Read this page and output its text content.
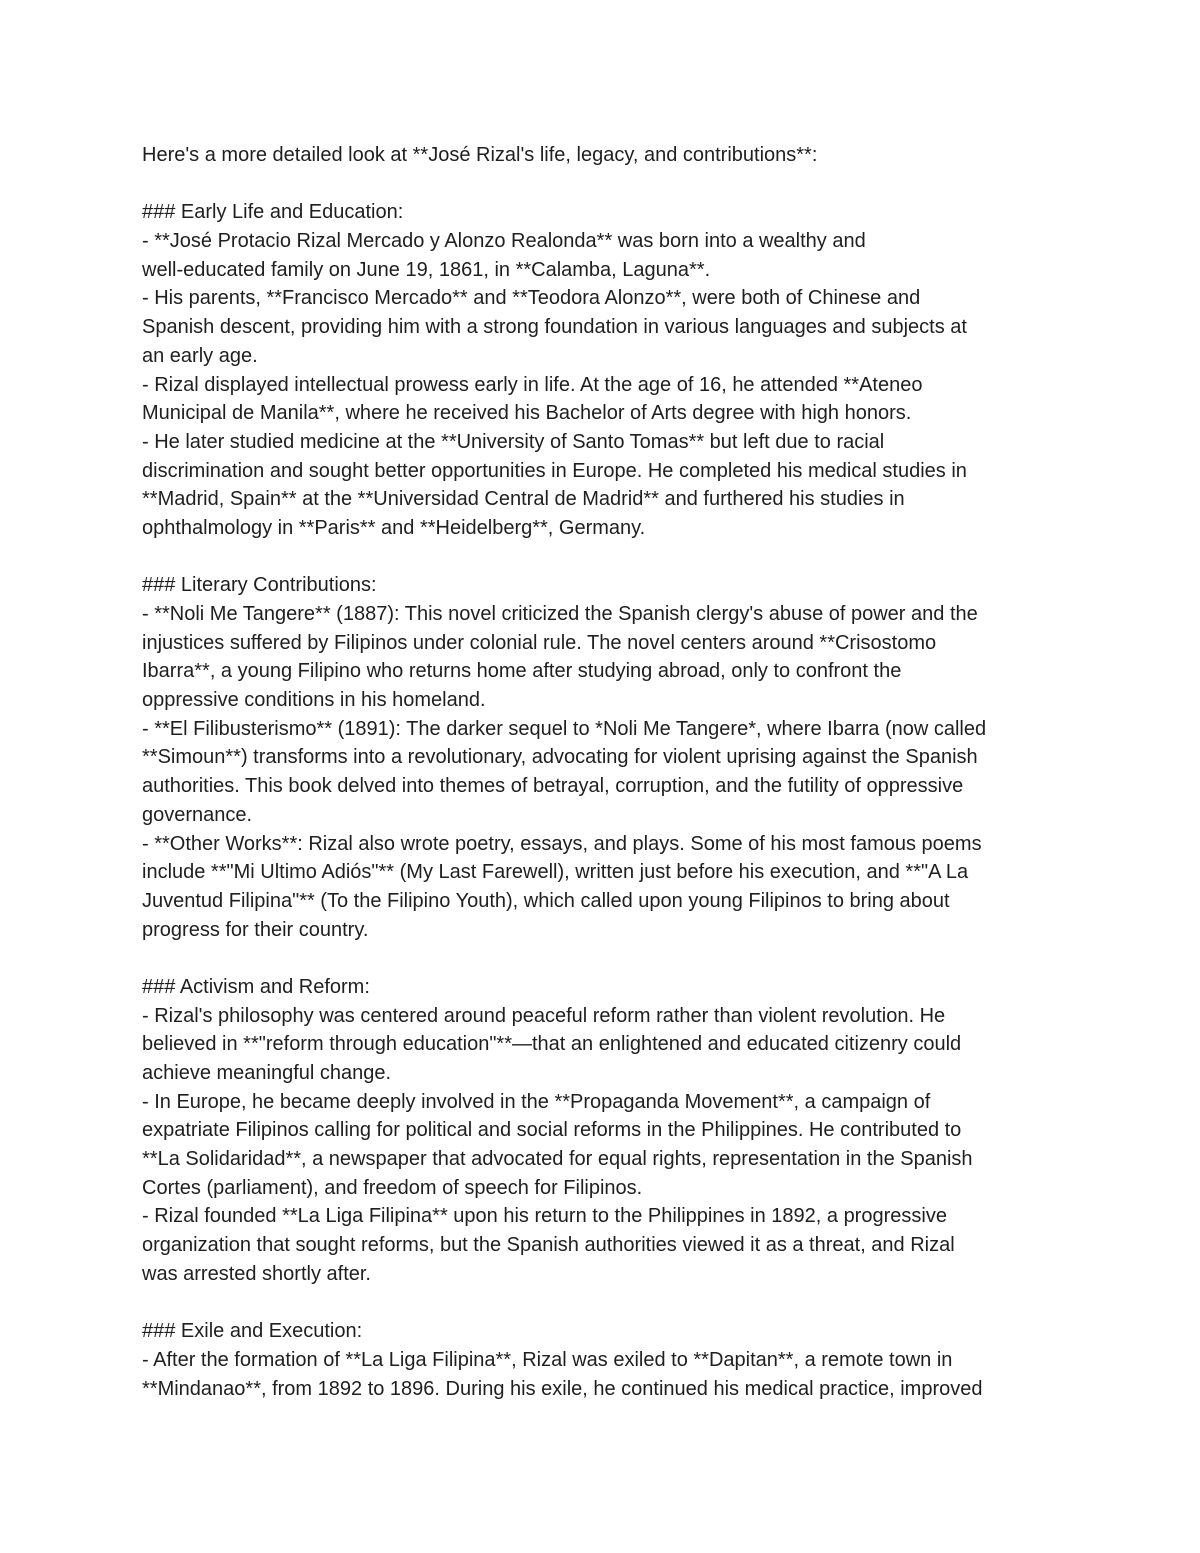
Here's a more detailed look at **José Rizal's life, legacy, and contributions**:
### Early Life and Education:
- **José Protacio Rizal Mercado y Alonzo Realonda** was born into a wealthy and
well-educated family on June 19, 1861, in **Calamba, Laguna**.
- His parents, **Francisco Mercado** and **Teodora Alonzo**, were both of Chinese and
Spanish descent, providing him with a strong foundation in various languages and subjects at
an early age.
- Rizal displayed intellectual prowess early in life. At the age of 16, he attended **Ateneo
Municipal de Manila**, where he received his Bachelor of Arts degree with high honors.
- He later studied medicine at the **University of Santo Tomas** but left due to racial
discrimination and sought better opportunities in Europe. He completed his medical studies in
**Madrid, Spain** at the **Universidad Central de Madrid** and furthered his studies in
ophthalmology in **Paris** and **Heidelberg**, Germany.
### Literary Contributions:
- **Noli Me Tangere** (1887): This novel criticized the Spanish clergy's abuse of power and the
injustices suffered by Filipinos under colonial rule. The novel centers around **Crisostomo
Ibarra**, a young Filipino who returns home after studying abroad, only to confront the
oppressive conditions in his homeland.
- **El Filibusterismo** (1891): The darker sequel to *Noli Me Tangere*, where Ibarra (now called
**Simoun**) transforms into a revolutionary, advocating for violent uprising against the Spanish
authorities. This book delved into themes of betrayal, corruption, and the futility of oppressive
governance.
- **Other Works**: Rizal also wrote poetry, essays, and plays. Some of his most famous poems
include **"Mi Ultimo Adiós"** (My Last Farewell), written just before his execution, and **"A La
Juventud Filipina"** (To the Filipino Youth), which called upon young Filipinos to bring about
progress for their country.
### Activism and Reform:
- Rizal's philosophy was centered around peaceful reform rather than violent revolution. He
believed in **"reform through education"**—that an enlightened and educated citizenry could
achieve meaningful change.
- In Europe, he became deeply involved in the **Propaganda Movement**, a campaign of
expatriate Filipinos calling for political and social reforms in the Philippines. He contributed to
**La Solidaridad**, a newspaper that advocated for equal rights, representation in the Spanish
Cortes (parliament), and freedom of speech for Filipinos.
- Rizal founded **La Liga Filipina** upon his return to the Philippines in 1892, a progressive
organization that sought reforms, but the Spanish authorities viewed it as a threat, and Rizal
was arrested shortly after.
### Exile and Execution:
- After the formation of **La Liga Filipina**, Rizal was exiled to **Dapitan**, a remote town in
**Mindanao**, from 1892 to 1896. During his exile, he continued his medical practice, improved
